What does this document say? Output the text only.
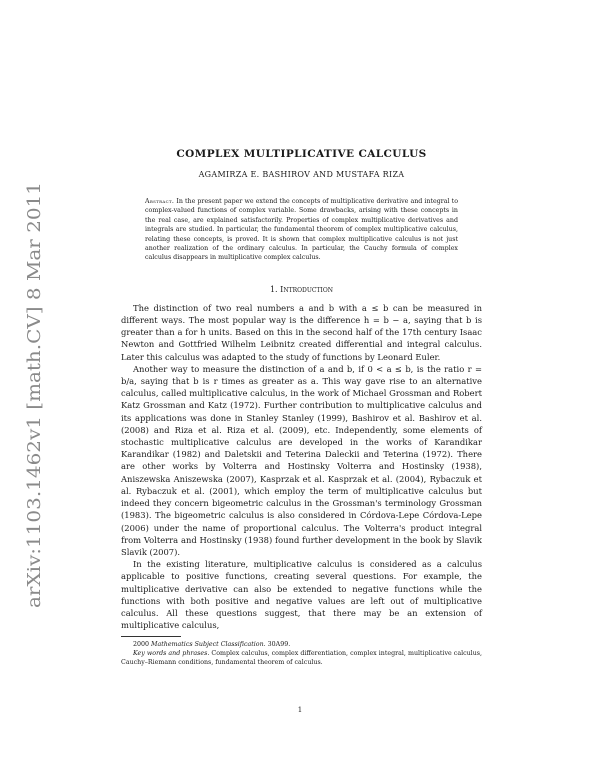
arXiv:1103.1462v1 [math.CV] 8 Mar 2011
COMPLEX MULTIPLICATIVE CALCULUS
AGAMIRZA E. BASHIROV AND MUSTAFA RIZA
Abstract. In the present paper we extend the concepts of multiplicative derivative and integral to complex-valued functions of complex variable. Some drawbacks, arising with these concepts in the real case, are explained satisfactorily. Properties of complex multiplicative derivatives and integrals are studied. In particular, the fundamental theorem of complex multiplicative calculus, relating these concepts, is proved. It is shown that complex multiplicative calculus is not just another realization of the ordinary calculus. In particular, the Cauchy formula of complex calculus disappears in multiplicative complex calculus.
1. Introduction

The distinction of two real numbers a and b with a ≤ b can be measured in different ways. The most popular way is the difference h = b − a, saying that b is greater than a for h units. Based on this in the second half of the 17th century Isaac Newton and Gottfried Wilhelm Leibnitz created differential and integral calculus. Later this calculus was adapted to the study of functions by Leonard Euler.

Another way to measure the distinction of a and b, if 0 < a ≤ b, is the ratio r = b/a, saying that b is r times as greater as a. This way gave rise to an alternative calculus, called multiplicative calculus, in the work of Michael Grossman and Robert Katz Grossman and Katz (1972). Further contribution to multiplicative calculus and its applications was done in Stanley Stanley (1999), Bashirov et al. Bashirov et al. (2008) and Riza et al. Riza et al. (2009), etc. Independently, some elements of stochastic multiplicative calculus are developed in the works of Karandikar Karandikar (1982) and Daletskii and Teterina Daleckii and Teterina (1972). There are other works by Volterra and Hostinsky Volterra and Hostinsky (1938), Aniszewska Aniszewska (2007), Kasprzak et al. Kasprzak et al. (2004), Rybaczuk et al. Rybaczuk et al. (2001), which employ the term of multiplicative calculus but indeed they concern bigeometric calculus in the Grossman's terminology Grossman (1983). The bigeometric calculus is also considered in Córdova-Lepe Córdova-Lepe (2006) under the name of proportional calculus. The Volterra's product integral from Volterra and Hostinsky (1938) found further development in the book by Slavik Slavik (2007).

In the existing literature, multiplicative calculus is considered as a calculus applicable to positive functions, creating several questions. For example, the multiplicative derivative can also be extended to negative functions while the functions with both positive and negative values are left out of multiplicative calculus. All these questions suggest, that there may be an extension of multiplicative calculus,

2000 Mathematics Subject Classification. 30A99.

Key words and phrases. Complex calculus, complex differentiation, complex integral, multiplicative calculus, Cauchy–Riemann conditions, fundamental theorem of calculus.

1
